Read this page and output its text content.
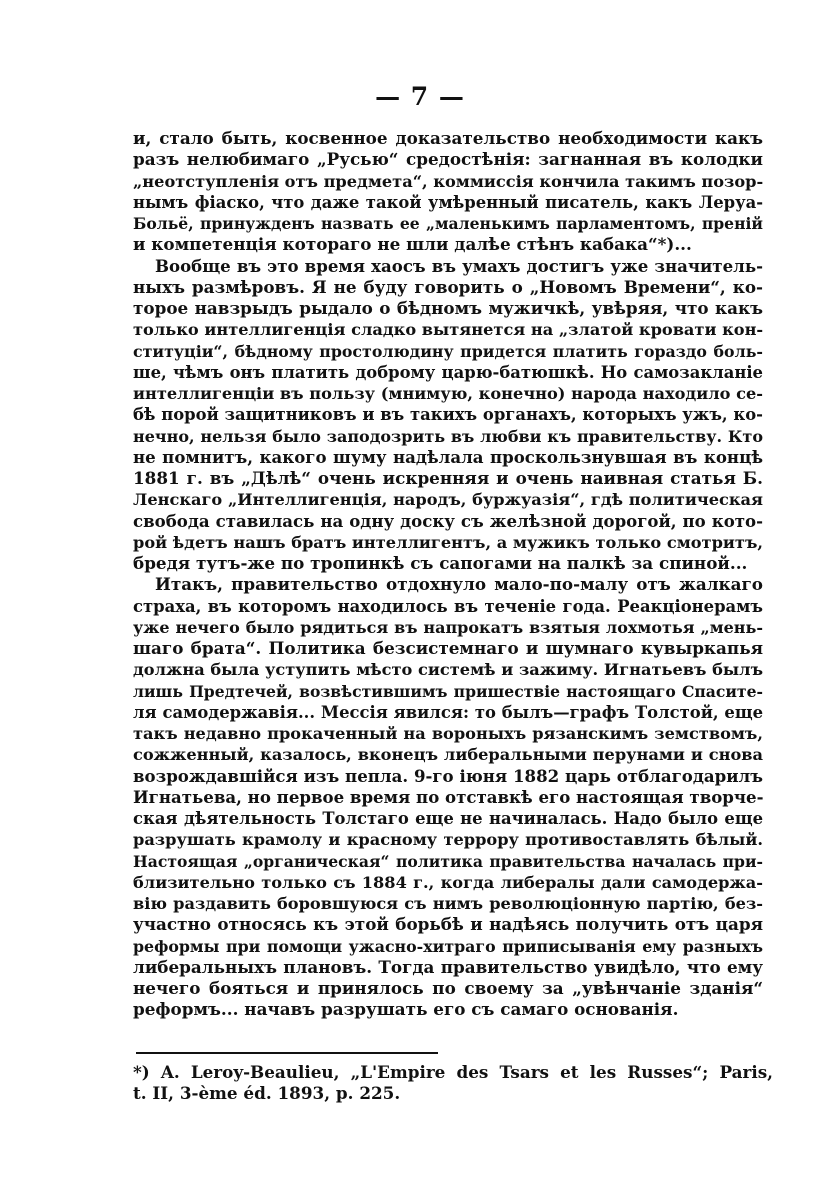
— 7 —
и, стало быть, косвенное доказательство необходимости какъ
разъ нелюбимаго „Русью“ средостѣнія: загнанная въ колодки
„неотступленія отъ предмета“, коммиссія кончила такимъ позор-
нымъ фіаско, что даже такой умѣренный писатель, какъ Леруа-
Больё, принужденъ назвать ее „маленькимъ парламентомъ, преній
и компетенція котораго не шли далѣе стѣнъ кабака“*)...
Вообще въ это время хаосъ въ умахъ достигъ уже значитель-
ныхъ размѣровъ. Я не буду говорить о „Новомъ Времени“, ко-
торое навзрыдъ рыдало о бѣдномъ мужичкѣ, увѣряя, что какъ
только интеллигенція сладко вытянется на „златой кровати кон-
ституціи“, бѣдному простолюдину придется платить гораздо боль-
ше, чѣмъ онъ платить доброму царю-батюшкѣ. Но самозакланіе
интеллигенціи въ пользу (мнимую, конечно) народа находило се-
бѣ порой защитниковъ и въ такихъ органахъ, которыхъ ужъ, ко-
нечно, нельзя было заподозрить въ любви къ правительству. Кто
не помнитъ, какого шуму надѣлала проскользнувшая въ концѣ
1881 г. въ „Дѣлѣ“ очень искренняя и очень наивная статья Б.
Ленскаго „Интеллигенція, народъ, буржуазія“, гдѣ политическая
свобода ставилась на одну доску съ желѣзной дорогой, по кото-
рой ѣдетъ нашъ братъ интеллигентъ, а мужикъ только смотритъ,
бредя тутъ-же по тропинкѣ съ сапогами на палкѣ за спиной...
Итакъ, правительство отдохнуло мало-по-малу отъ жалкаго
страха, въ которомъ находилось въ теченіе года. Реакціонерамъ
уже нечего было рядиться въ напрокатъ взятыя лохмотья „мень-
шаго брата“. Политика безсистемнаго и шумнаго кувыркапья
должна была уступить мѣсто системѣ и зажиму. Игнатьевъ былъ
лишь Предтечей, возвѣстившимъ пришествіе настоящаго Спасите-
ля самодержавія... Мессія явился: то былъ—графъ Толстой, еще
такъ недавно прокаченный на вороныхъ рязанскимъ земствомъ,
сожженный, казалось, вконецъ либеральными перунами и снова
возрождавшійся изъ пепла. 9-го іюня 1882 царь отблагодарилъ
Игнатьева, но первое время по отставкѣ его настоящая творче-
ская дѣятельность Толстаго еще не начиналась. Надо было еще
разрушать крамолу и красному террору противоставлять бѣлый.
Настоящая „органическая“ политика правительства началась при-
близительно только съ 1884 г., когда либералы дали самодержа-
вію раздавить боровшуюся съ нимъ революціонную партію, без-
участно относясь къ этой борьбѣ и надѣясь получить отъ царя
реформы при помощи ужасно-хитраго приписыванія ему разныхъ
либеральныхъ плановъ. Тогда правительство увидѣло, что ему
нечего бояться и принялось по своему за „увѣнчаніе зданія“
реформъ... начавъ разрушать его съ самаго основанія.
*) A. Leroy-Beaulieu, „L'Empire des Tsars et les Russes“; Paris,
t. II, 3-ème éd. 1893, p. 225.
